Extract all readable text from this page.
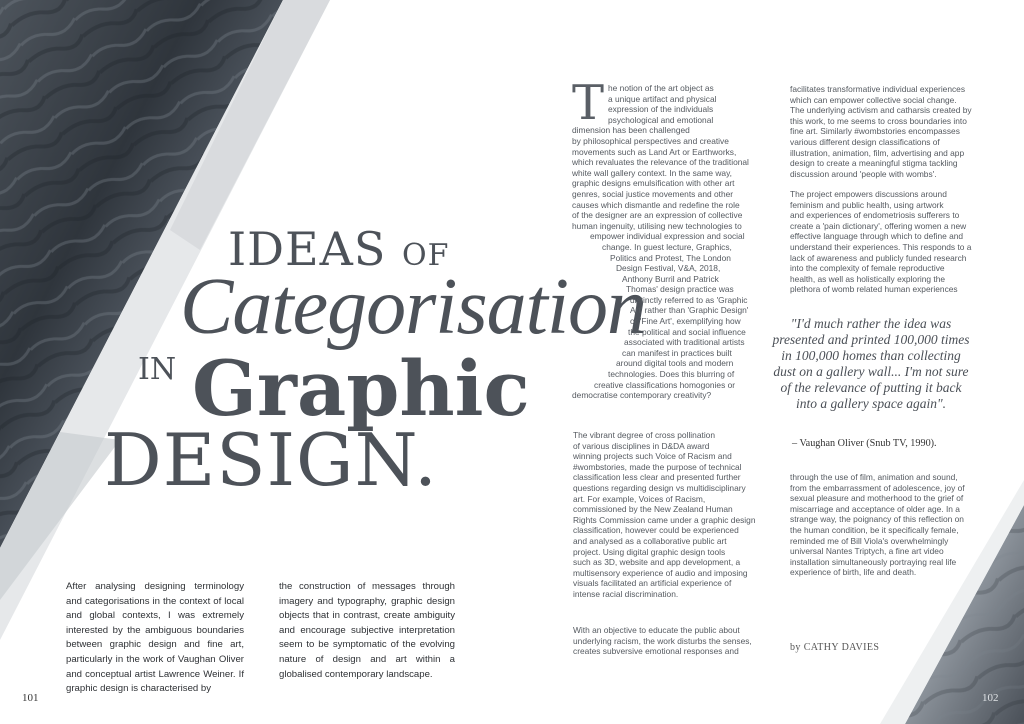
IDEAS OF
Categorisation
IN Graphic
DESIGN.
After analysing designing terminology and categorisations in the context of local and global contexts, I was extremely interested by the ambiguous boundaries between graphic design and fine art, particularly in the work of Vaughan Oliver and conceptual artist Lawrence Weiner. If graphic design is characterised by
the construction of messages through imagery and typography, graphic design objects that in contrast, create ambiguity and encourage subjective interpretation seem to be symptomatic of the evolving nature of design and art within a globalised contemporary landscape.
T he notion of the art object as
a unique artifact and physical
expression of the individuals
psychological and emotional
dimension has been challenged
by philosophical perspectives and creative
movements such as Land Art or Earthworks,
which revaluates the relevance of the traditional
white wall gallery context. In the same way,
graphic designs emulsification with other art
genres, social justice movements and other
causes which dismantle and redefine the role
of the designer are an expression of collective
human ingenuity, utilising new technologies to
empower individual expression and social
change. In guest lecture, Graphics,
Politics and Protest, The London
Design Festival, V&A, 2018,
Anthony Burril and Patrick
Thomas' design practice was
distinctly referred to as 'Graphic
Art' rather than 'Graphic Design'
or 'Fine Art', exemplifying how
the political and social influence
associated with traditional artists
can manifest in practices built
around digital tools and modern
technologies. Does this blurring of
creative classifications homogonies or
democratise contemporary creativity?
The vibrant degree of cross pollination
of various disciplines in D&DA award
winning projects such Voice of Racism and
#wombstories, made the purpose of technical
classification less clear and presented further
questions regarding design vs multidisciplinary
art. For example, Voices of Racism,
commissioned by the New Zealand Human
Rights Commission came under a graphic design
classification, however could be experienced
and analysed as a collaborative public art
project. Using digital graphic design tools
such as 3D, website and app development, a
multisensory experience of audio and imposing
visuals facilitated an artificial experience of
intense racial discrimination.
With an objective to educate the public about
underlying racism, the work disturbs the senses,
creates subversive emotional responses and
facilitates transformative individual experiences
which can empower collective social change.
The underlying activism and catharsis created by
this work, to me seems to cross boundaries into
fine art. Similarly #wombstories encompasses
various different design classifications of
illustration, animation, film, advertising and app
design to create a meaningful stigma tackling
discussion around 'people with wombs'.
The project empowers discussions around
feminism and public health, using artwork
and experiences of endometriosis sufferers to
create a 'pain dictionary', offering women a new
effective language through which to define and
understand their experiences. This responds to a
lack of awareness and publicly funded research
into the complexity of female reproductive
health, as well as holistically exploring the
plethora of womb related human experiences
"I'd much rather the idea was presented and printed 100,000 times in 100,000 homes than collecting dust on a gallery wall... I'm not sure of the relevance of putting it back into a gallery space again".
– Vaughan Oliver (Snub TV, 1990).
through the use of film, animation and sound,
from the embarrassment of adolescence, joy of
sexual pleasure and motherhood to the grief of
miscarriage and acceptance of older age. In a
strange way, the poignancy of this reflection on
the human condition, be it specifically female,
reminded me of Bill Viola's overwhelmingly
universal Nantes Triptych, a fine art video
installation simultaneously portraying real life
experience of birth, life and death.
by CATHY DAVIES
101	102
